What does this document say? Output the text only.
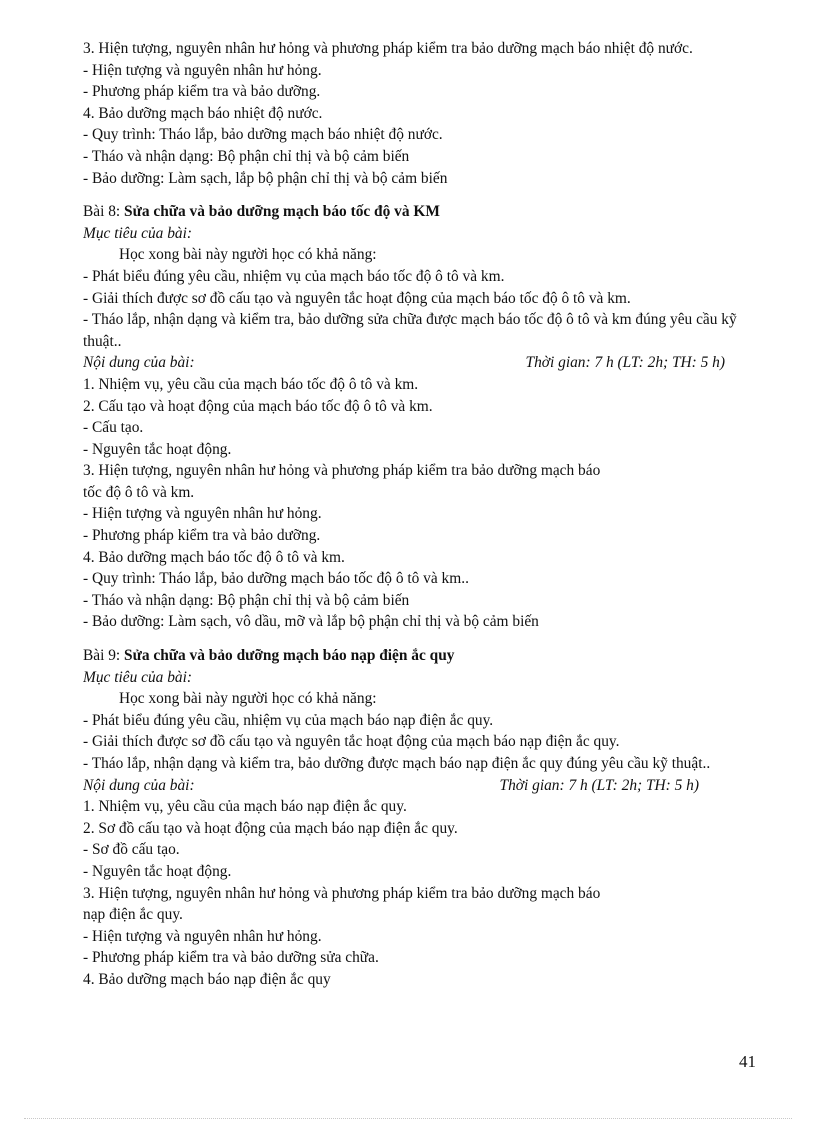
3. Hiện tượng, nguyên nhân hư hỏng và phương pháp kiểm tra bảo dưỡng mạch báo nhiệt độ nước.
- Hiện tượng và nguyên nhân hư hỏng.
- Phương pháp kiểm tra và bảo dưỡng.
4. Bảo dưỡng mạch báo nhiệt độ nước.
- Quy trình: Tháo lắp, bảo dưỡng mạch báo nhiệt độ nước.
- Tháo và nhận dạng: Bộ phận chỉ thị và bộ cảm biến
- Bảo dưỡng: Làm sạch, lắp bộ phận chỉ thị và bộ cảm biến
Bài 8: Sửa chữa và bảo dưỡng mạch báo tốc độ và KM
Mục tiêu của bài:
Học xong bài này người học có khả năng:
- Phát biểu đúng yêu cầu, nhiệm vụ của mạch báo tốc độ ô tô và km.
- Giải thích được sơ đồ cấu tạo và nguyên tắc hoạt động của mạch báo tốc độ ô tô và km.
- Tháo lắp, nhận dạng và kiểm tra, bảo dưỡng sửa chữa được mạch báo tốc độ ô tô và km đúng yêu cầu kỹ thuật..
Nội dung của bài:	Thời gian: 7 h (LT: 2h; TH: 5 h)
1. Nhiệm vụ, yêu cầu của mạch báo tốc độ ô tô và km.
2. Cấu tạo và hoạt động của mạch báo tốc độ ô tô và km.
- Cấu tạo.
- Nguyên tắc hoạt động.
3. Hiện tượng, nguyên nhân hư hỏng và phương pháp kiểm tra bảo dưỡng mạch báo
tốc độ ô tô và km.
- Hiện tượng và nguyên nhân hư hỏng.
- Phương pháp kiểm tra và bảo dưỡng.
4. Bảo dưỡng mạch báo tốc độ ô tô và km.
- Quy trình: Tháo lắp, bảo dưỡng mạch báo tốc độ ô tô và km..
- Tháo và nhận dạng: Bộ phận chỉ thị và bộ cảm biến
- Bảo dưỡng: Làm sạch, vô dầu, mỡ và lắp bộ phận chỉ thị và bộ cảm biến
Bài 9: Sửa chữa và bảo dưỡng mạch báo nạp điện ắc quy
Mục tiêu của bài:
Học xong bài này người học có khả năng:
- Phát biểu đúng yêu cầu, nhiệm vụ của mạch báo nạp điện ắc quy.
- Giải thích được sơ đồ cấu tạo và nguyên tắc hoạt động của mạch báo nạp điện ắc quy.
- Tháo lắp, nhận dạng và kiểm tra, bảo dưỡng được mạch báo nạp điện ắc quy đúng yêu cầu kỹ thuật..
Nội dung của bài:	Thời gian: 7 h (LT: 2h; TH: 5 h)
1. Nhiệm vụ, yêu cầu của mạch báo nạp điện ắc quy.
2. Sơ đồ cấu tạo và hoạt động của mạch báo nạp điện ắc quy.
- Sơ đồ cấu tạo.
- Nguyên tắc hoạt động.
3. Hiện tượng, nguyên nhân hư hỏng và phương pháp kiểm tra bảo dưỡng mạch báo
nạp điện ắc quy.
- Hiện tượng và nguyên nhân hư hỏng.
- Phương pháp kiểm tra và bảo dưỡng sửa chữa.
4. Bảo dưỡng mạch báo nạp điện ắc quy
41
